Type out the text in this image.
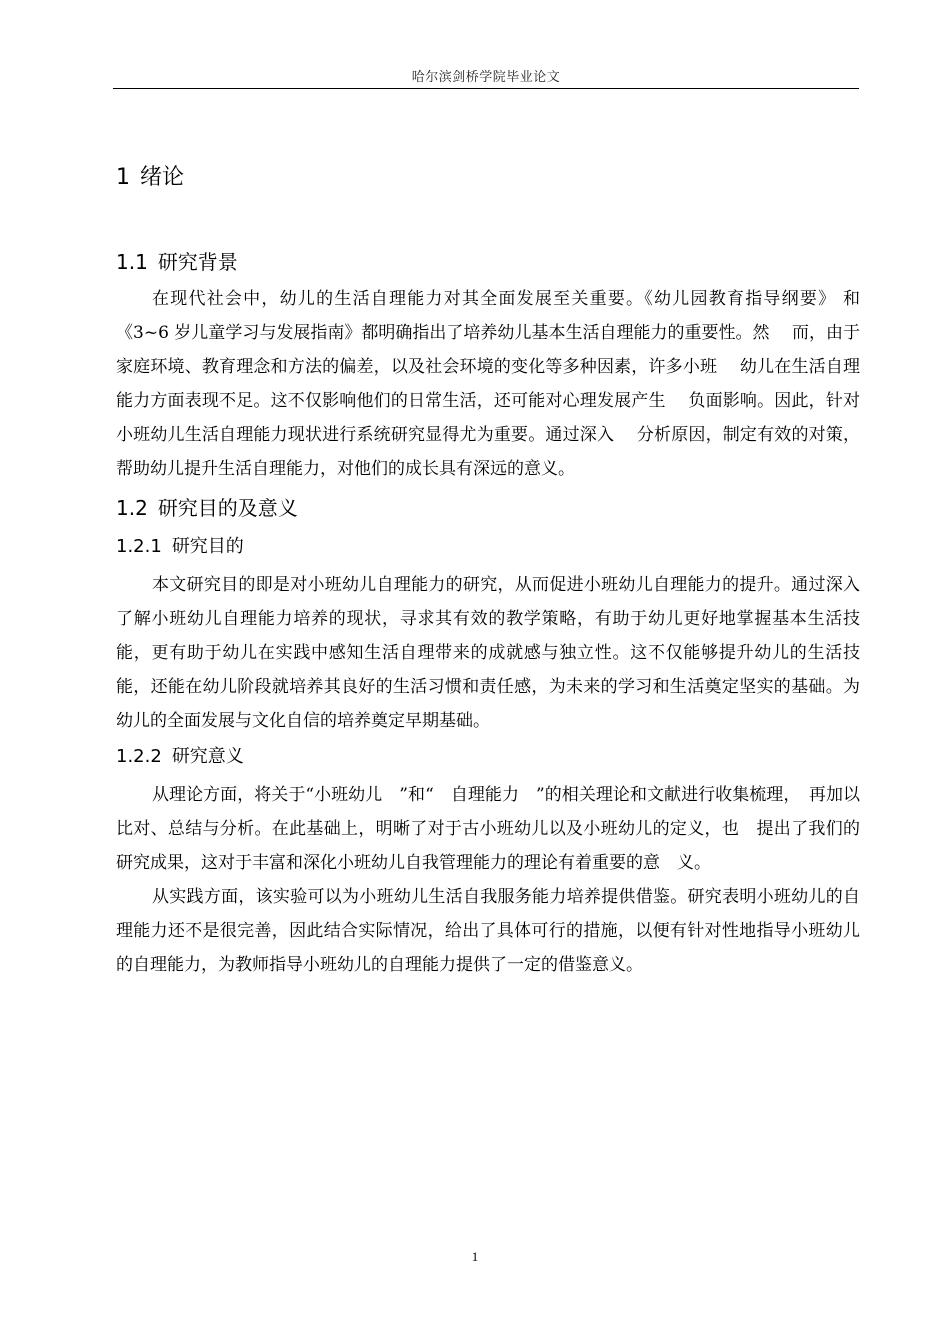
哈尔滨剑桥学院毕业论文
1 绪论
1.1 研究背景

在现代社会中，幼儿的生活自理能力对其全面发展至关重要。《幼儿园教育指导纲要》 和《3~6 岁儿童学习与发展指南》都明确指出了培养幼儿基本生活自理能力的重要性。然　 而，由于家庭环境、教育理念和方法的偏差，以及社会环境的变化等多种因素，许多小班　 幼儿在生活自理能力方面表现不足。这不仅影响他们的日常生活，还可能对心理发展产生　 负面影响。因此，针对小班幼儿生活自理能力现状进行系统研究显得尤为重要。通过深入　 分析原因，制定有效的对策，帮助幼儿提升生活自理能力，对他们的成长具有深远的意义。

1.2 研究目的及意义
1.2.1 研究目的

本文研究目的即是对小班幼儿自理能力的研究，从而促进小班幼儿自理能力的提升。通过深入了解小班幼儿自理能力培养的现状，寻求其有效的教学策略，有助于幼儿更好地掌握基本生活技能，更有助于幼儿在实践中感知生活自理带来的成就感与独立性。这不仅能够提升幼儿的生活技能，还能在幼儿阶段就培养其良好的生活习惯和责任感，为未来的学习和生活奠定坚实的基础。为幼儿的全面发展与文化自信的培养奠定早期基础。

1.2.2 研究意义

从理论方面，将关于“小班幼儿　”和“　自理能力　”的相关理论和文献进行收集梳理，　再加以比对、总结与分析。在此基础上，明晰了对于古小班幼儿以及小班幼儿的定义，也　提出了我们的研究成果，这对于丰富和深化小班幼儿自我管理能力的理论有着重要的意　义。

从实践方面，该实验可以为小班幼儿生活自我服务能力培养提供借鉴。研究表明小班幼儿的自理能力还不是很完善，因此结合实际情况，给出了具体可行的措施，以便有针对性地指导小班幼儿的自理能力，为教师指导小班幼儿的自理能力提供了一定的借鉴意义。

1
